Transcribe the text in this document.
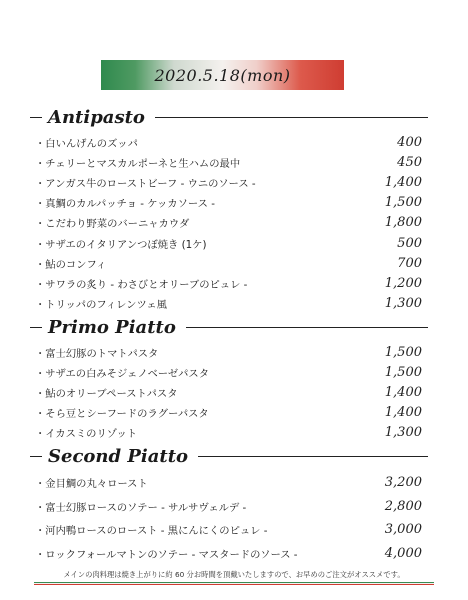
2020.5.18(mon)
Antipasto
・白いんげんのズッパ	400
・チェリーとマスカルポーネと生ハムの最中	450
・アンガス牛のローストビーフ - ウニのソース -	1,400
・真鯛のカルパッチョ - ケッカソース -	1,500
・こだわり野菜のバーニャカウダ	1,800
・サザエのイタリアンつぼ焼き (1ケ)	500
・鮎のコンフィ	700
・サワラの炙り - わさびとオリーブのピュレ -	1,200
・トリッパのフィレンツェ風	1,300
Primo Piatto
・富士幻豚のトマトパスタ	1,500
・サザエの白みそジェノベーゼパスタ	1,500
・鮎のオリーブペーストパスタ	1,400
・そら豆とシーフードのラグーパスタ	1,400
・イカスミのリゾット	1,300
Second Piatto
・金目鯛の丸々ロースト	3,200
・富士幻豚ロースのソテー - サルサヴェルデ -	2,800
・河内鴨ロースのロースト - 黒にんにくのピュレ -	3,000
・ロックフォールマトンのソテー - マスタードのソース -	4,000
メインの肉料理は焼き上がりに約 60 分お時間を頂戴いたしますので、お早めのご注文がオススメです。
